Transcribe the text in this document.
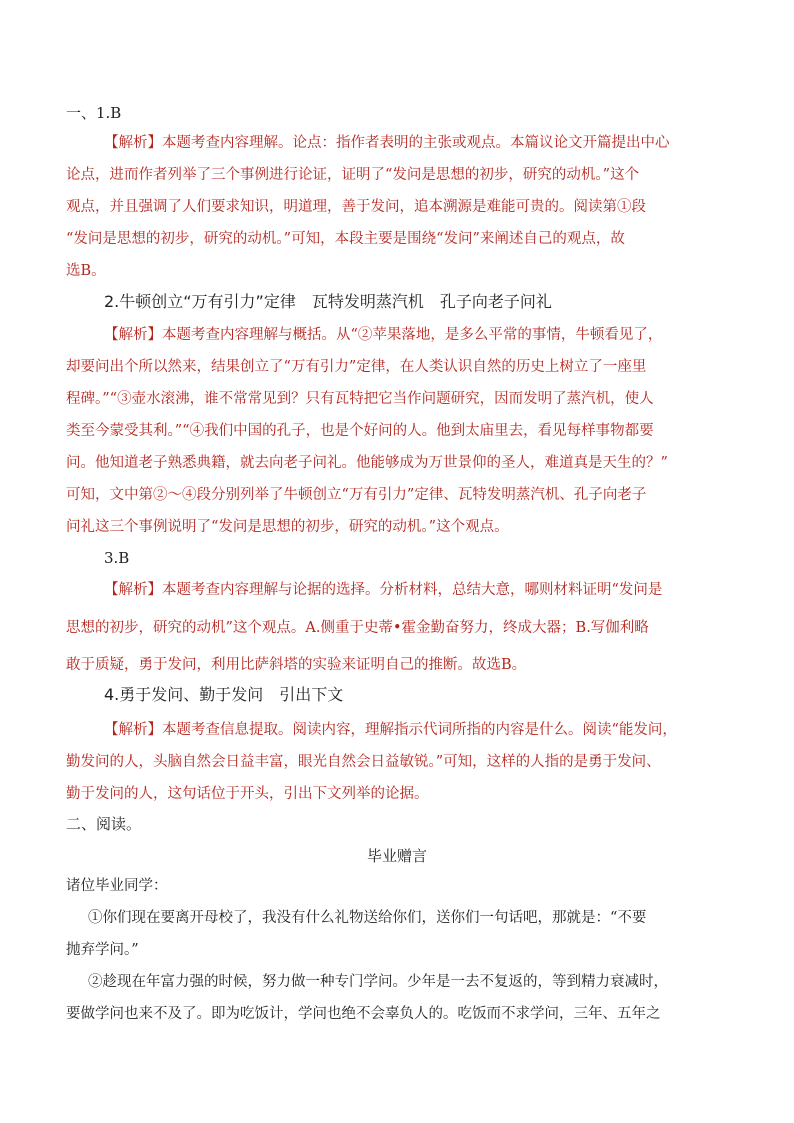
一、1.B
【解析】本题考查内容理解。论点：指作者表明的主张或观点。本篇议论文开篇提出中心
论点，进而作者列举了三个事例进行论证，证明了“发问是思想的初步，研究的动机。”这个
观点，并且强调了人们要求知识，明道理，善于发问，追本溯源是难能可贵的。阅读第①段
“发问是思想的初步，研究的动机。”可知，本段主要是围绕“发问”来阐述自己的观点，故
选B。
2.牛顿创立“万有引力”定律　瓦特发明蒸汽机　孔子向老子问礼
【解析】本题考查内容理解与概括。从“②苹果落地，是多么平常的事情，牛顿看见了，
却要问出个所以然来，结果创立了“万有引力”定律，在人类认识自然的历史上树立了一座里
程碑。”“③壶水滚沸，谁不常常见到？只有瓦特把它当作问题研究，因而发明了蒸汽机，使人
类至今蒙受其利。”“④我们中国的孔子，也是个好问的人。他到太庙里去，看见每样事物都要
问。他知道老子熟悉典籍，就去向老子问礼。他能够成为万世景仰的圣人，难道真是天生的？”
可知，文中第②～④段分别列举了牛顿创立“万有引力”定律、瓦特发明蒸汽机、孔子向老子
问礼这三个事例说明了“发问是思想的初步，研究的动机。”这个观点。
3.B
【解析】本题考查内容理解与论据的选择。分析材料，总结大意，哪则材料证明“发问是
思想的初步，研究的动机”这个观点。A.侧重于史蒂•霍金勤奋努力，终成大器；B.写伽利略
敢于质疑，勇于发问，利用比萨斜塔的实验来证明自己的推断。故选B。
4.勇于发问、勤于发问　引出下文
【解析】本题考查信息提取。阅读内容，理解指示代词所指的内容是什么。阅读“能发问，
勤发问的人，头脑自然会日益丰富，眼光自然会日益敏锐。”可知，这样的人指的是勇于发问、
勤于发问的人，这句话位于开头，引出下文列举的论据。
二、阅读。
毕业赠言
诸位毕业同学：
①你们现在要离开母校了，我没有什么礼物送给你们，送你们一句话吧，那就是：“不要
抛弃学问。”
②趁现在年富力强的时候，努力做一种专门学问。少年是一去不复返的，等到精力衰减时，
要做学问也来不及了。即为吃饭计，学问也绝不会辜负人的。吃饭而不求学问，三年、五年之
